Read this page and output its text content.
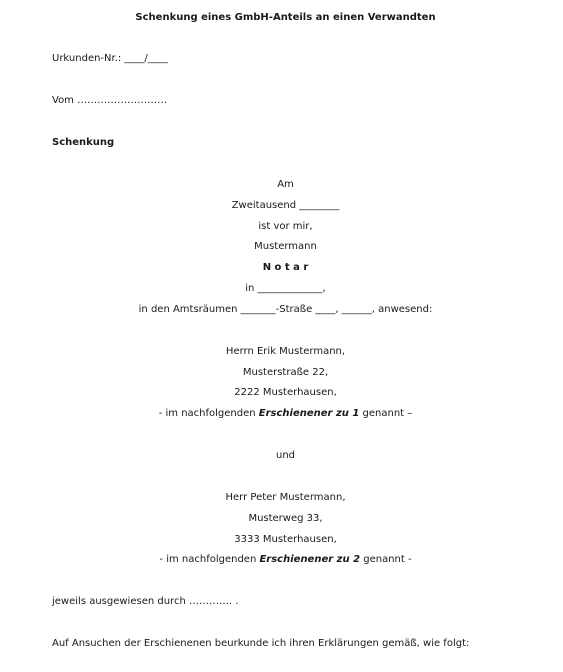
Schenkung eines GmbH-Anteils an einen Verwandten
Urkunden-Nr.: ____/____
Vom ………………………
Schenkung
Am
Zweitausend ________
ist vor mir,
Mustermann
N o t a r
in _____________,
in den Amtsräumen _______-Straße ____, ______, anwesend:
Herrn Erik Mustermann,
Musterstraße 22,
2222 Musterhausen,
- im nachfolgenden Erschienener zu 1 genannt –
und
Herr Peter Mustermann,
Musterweg 33,
3333 Musterhausen,
- im nachfolgenden Erschienener zu 2 genannt -
jeweils ausgewiesen durch …………. .
Auf Ansuchen der Erschienenen beurkunde ich ihren Erklärungen gemäß, wie folgt:
